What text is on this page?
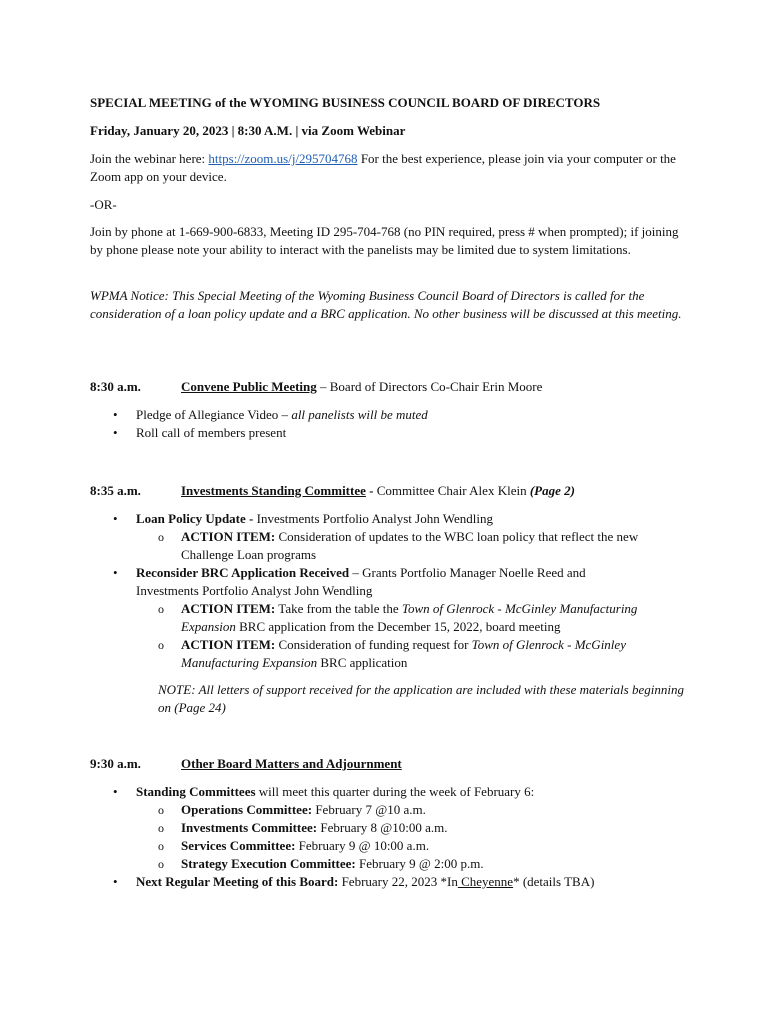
SPECIAL MEETING of the WYOMING BUSINESS COUNCIL BOARD OF DIRECTORS

Friday, January 20, 2023 | 8:30 A.M. | via Zoom Webinar

Join the webinar here: https://zoom.us/j/295704768 For the best experience, please join via your computer or the Zoom app on your device.

-OR-

Join by phone at 1-669-900-6833, Meeting ID 295-704-768 (no PIN required, press # when prompted); if joining by phone please note your ability to interact with the panelists may be limited due to system limitations.

WPMA Notice: This Special Meeting of the Wyoming Business Council Board of Directors is called for the consideration of a loan policy update and a BRC application. No other business will be discussed at this meeting.

8:30 a.m.	Convene Public Meeting – Board of Directors Co-Chair Erin Moore
• Pledge of Allegiance Video – all panelists will be muted
• Roll call of members present
8:35 a.m.	Investments Standing Committee - Committee Chair Alex Klein (Page 2)
• Loan Policy Update - Investments Portfolio Analyst John Wendling
o ACTION ITEM: Consideration of updates to the WBC loan policy that reflect the new Challenge Loan programs
• Reconsider BRC Application Received – Grants Portfolio Manager Noelle Reed and Investments Portfolio Analyst John Wendling
o ACTION ITEM: Take from the table the Town of Glenrock - McGinley Manufacturing Expansion BRC application from the December 15, 2022, board meeting
o ACTION ITEM: Consideration of funding request for Town of Glenrock - McGinley Manufacturing Expansion BRC application

NOTE: All letters of support received for the application are included with these materials beginning on (Page 24)

9:30 a.m.	Other Board Matters and Adjournment
• Standing Committees will meet this quarter during the week of February 6:
o Operations Committee: February 7 @10 a.m.
o Investments Committee: February 8 @10:00 a.m.
o Services Committee: February 9 @ 10:00 a.m.
o Strategy Execution Committee: February 9 @ 2:00 p.m.
• Next Regular Meeting of this Board: February 22, 2023 *In Cheyenne* (details TBA)
